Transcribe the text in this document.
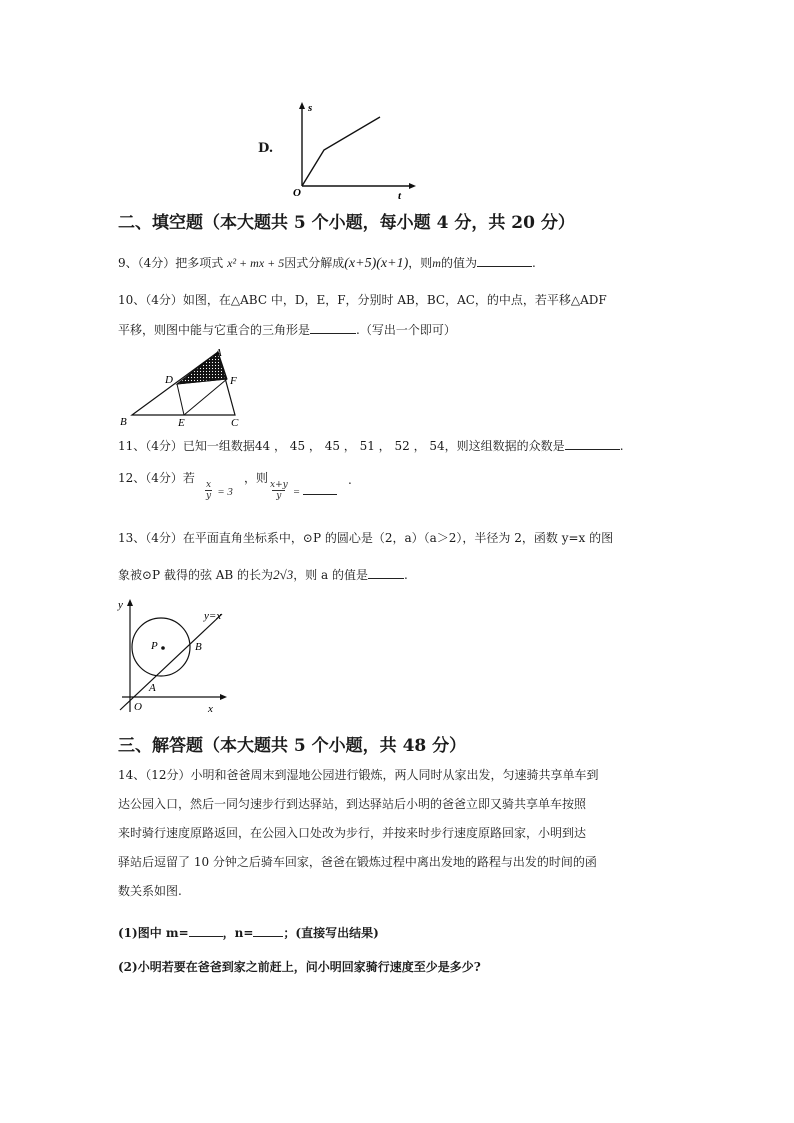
D.
s
t
O
二、填空题（本大题共 5 个小题，每小题 4 分，共 20 分）
9、（4分）把多项式 x² + mx + 5因式分解成(x+5)(x+1)，则m的值为	.
10、（4分）如图，在△ABC 中，D，E，F，分别时 AB，BC，AC，的中点，若平移△ADF
平移，则图中能与它重合的三角形是	.（写出一个即可）
A
B	C
D
E
F
11、（4分）已知一组数据44 ， 45 ， 45 ， 51 ， 52 ， 54，则这组数据的众数是	.
12、（4分）若
$\frac{x}{y} = 3$
，则
$\frac{x+y}{y}$ =
.
13、（4分）在平面直角坐标系中，⊙P 的圆心是（2，a）（a＞2），半径为 2，函数 y=x 的图
象被⊙P 截得的弦 AB 的长为2√3，则 a 的值是	.
y
x
O
P
A
B
y=x
三、解答题（本大题共 5 个小题，共 48 分）
14、（12分）小明和爸爸周末到湿地公园进行锻炼，两人同时从家出发，匀速骑共享单车到
达公园入口，然后一同匀速步行到达驿站，到达驿站后小明的爸爸立即又骑共享单车按照
来时骑行速度原路返回，在公园入口处改为步行，并按来时步行速度原路回家，小明到达
驿站后逗留了 10 分钟之后骑车回家，爸爸在锻炼过程中离出发地的路程与出发的时间的函
数关系如图.
(1)图中 m=	，n=	；(直接写出结果)
(2)小明若要在爸爸到家之前赶上，问小明回家骑行速度至少是多少?
